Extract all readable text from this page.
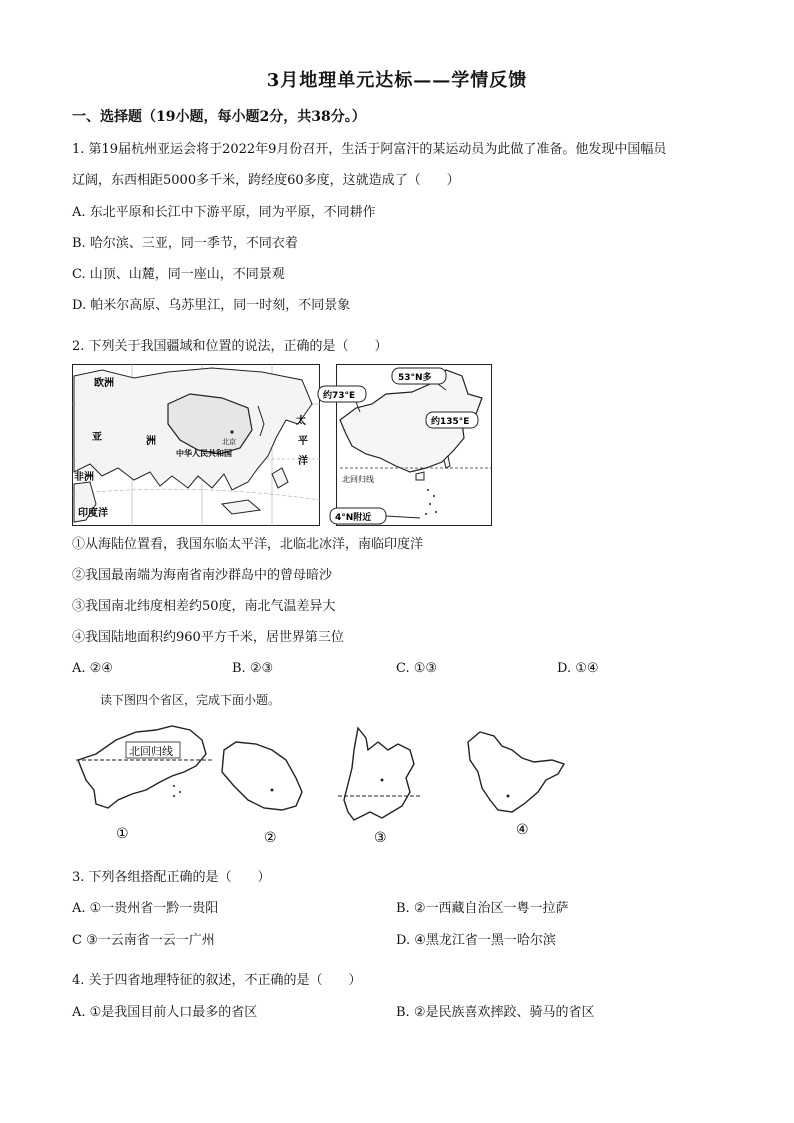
3月地理单元达标——学情反馈
一、选择题（19小题，每小题2分，共38分。）
1. 第19届杭州亚运会将于2022年9月份召开，生活于阿富汗的某运动员为此做了准备。他发现中国幅员
辽阔，东西相距5000多千米，跨经度60多度，这就造成了（　　）
A. 东北平原和长江中下游平原，同为平原，不同耕作
B. 哈尔滨、三亚，同一季节，不同衣着
C. 山顶、山麓，同一座山，不同景观
D. 帕米尔高原、乌苏里江，同一时刻，不同景象
2. 下列关于我国疆域和位置的说法，正确的是（　　）
欧洲
亚	洲	北京
中华人民共和国
太
平
洋
非洲
印度洋
约73°E
53°N多
约135°E
北回归线
4°N附近
①从海陆位置看，我国东临太平洋，北临北冰洋，南临印度洋
②我国最南端为海南省南沙群岛中的曾母暗沙
③我国南北纬度相差约50度，南北气温差异大
④我国陆地面积约960平方千米，居世界第三位
A. ②④	B. ②③	C. ①③	D. ①④
读下图四个省区，完成下面小题。
北回归线
①	②	③	④
3. 下列各组搭配正确的是（　　）
A. ①一贵州省一黔一贵阳	B. ②一西藏自治区一粤一拉萨
C ③一云南省一云一广州	D. ④黑龙江省一黑一哈尔滨
4. 关于四省地理特征的叙述，不正确的是（　　）
A. ①是我国目前人口最多的省区	B. ②是民族喜欢摔跤、骑马的省区
